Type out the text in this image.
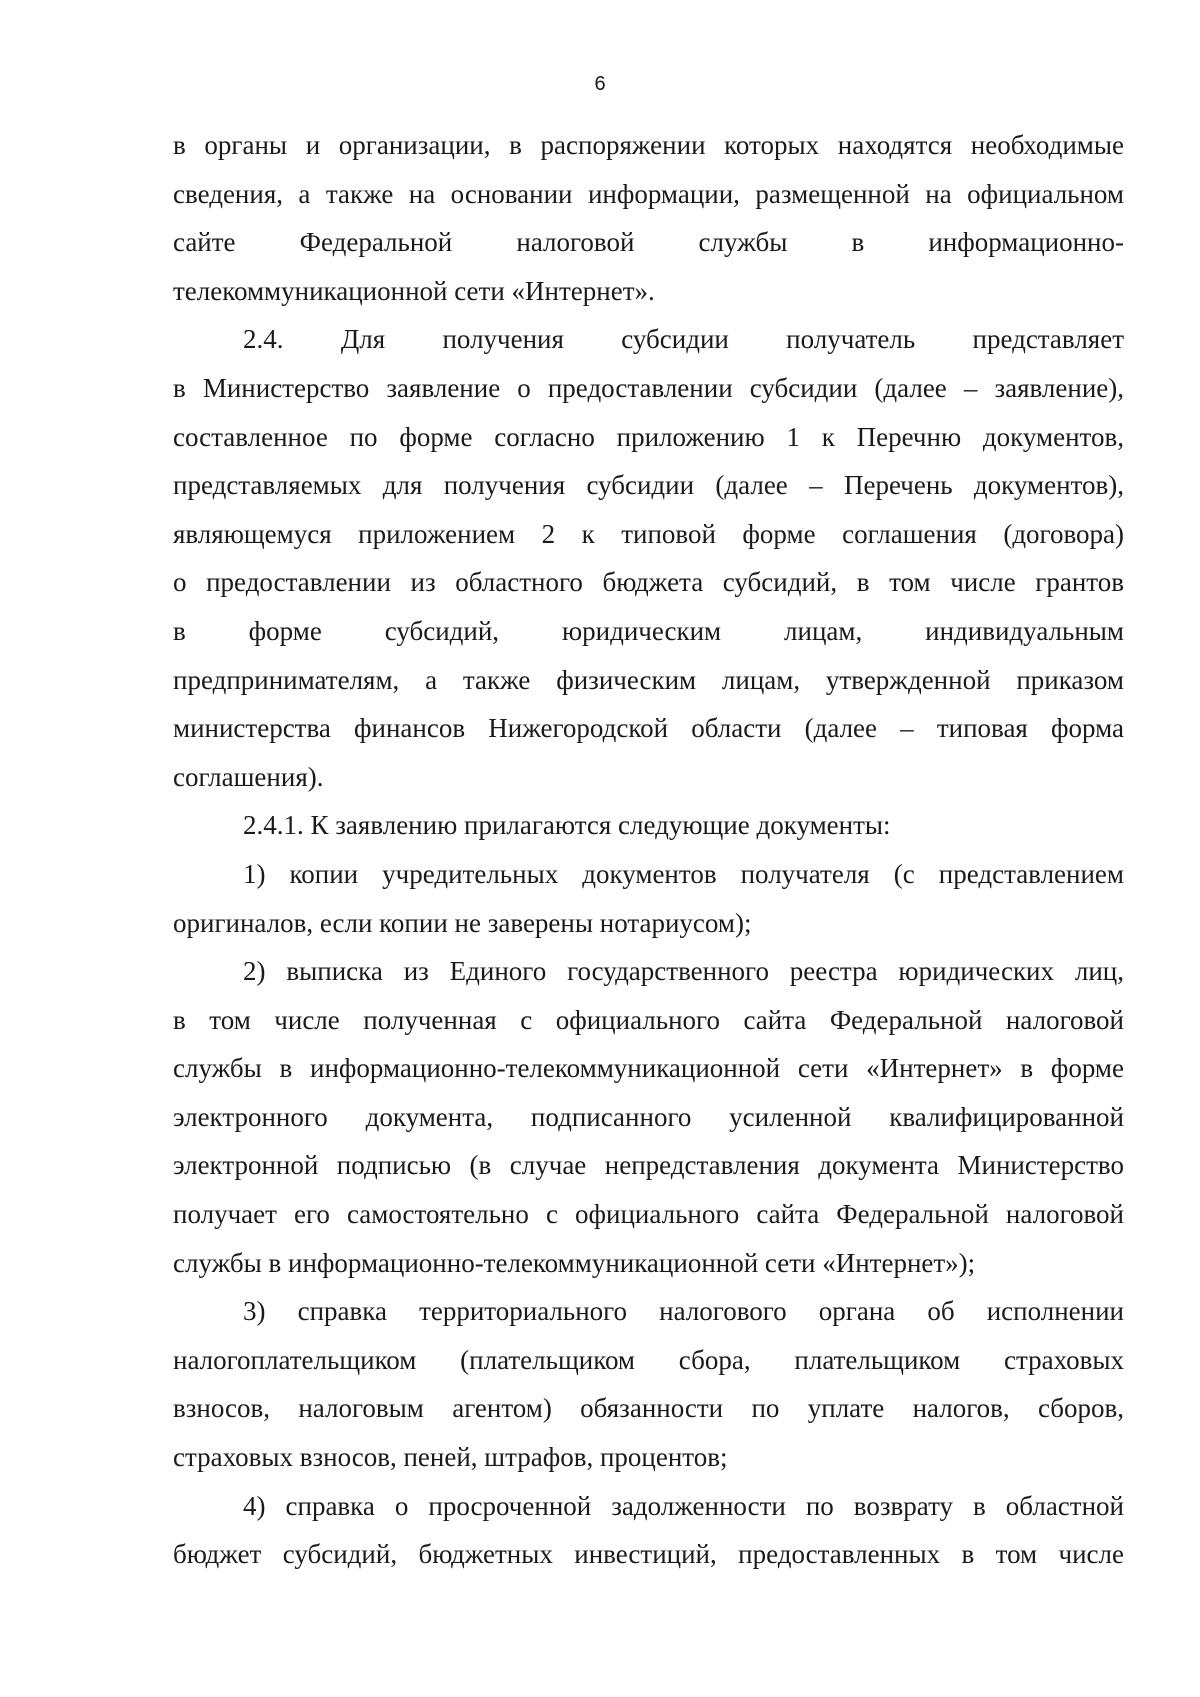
6
в органы и организации, в распоряжении которых находятся необходимые
сведения, а также на основании информации, размещенной на официальном
сайте Федеральной налоговой службы в информационно-
телекоммуникационной сети «Интернет».
2.4. Для получения субсидии получатель представляет
в Министерство заявление о предоставлении субсидии (далее – заявление),
составленное по форме согласно приложению 1 к Перечню документов,
представляемых для получения субсидии (далее – Перечень документов),
являющемуся приложением 2 к типовой форме соглашения (договора)
о предоставлении из областного бюджета субсидий, в том числе грантов
в форме субсидий, юридическим лицам, индивидуальным
предпринимателям, а также физическим лицам, утвержденной приказом
министерства финансов Нижегородской области (далее – типовая форма
соглашения).
2.4.1. К заявлению прилагаются следующие документы:
1) копии учредительных документов получателя (с представлением
оригиналов, если копии не заверены нотариусом);
2) выписка из Единого государственного реестра юридических лиц,
в том числе полученная с официального сайта Федеральной налоговой
службы в информационно-телекоммуникационной сети «Интернет» в форме
электронного документа, подписанного усиленной квалифицированной
электронной подписью (в случае непредставления документа Министерство
получает его самостоятельно с официального сайта Федеральной налоговой
службы в информационно-телекоммуникационной сети «Интернет»);
3) справка территориального налогового органа об исполнении
налогоплательщиком (плательщиком сбора, плательщиком страховых
взносов, налоговым агентом) обязанности по уплате налогов, сборов,
страховых взносов, пеней, штрафов, процентов;
4) справка о просроченной задолженности по возврату в областной
бюджет субсидий, бюджетных инвестиций, предоставленных в том числе
